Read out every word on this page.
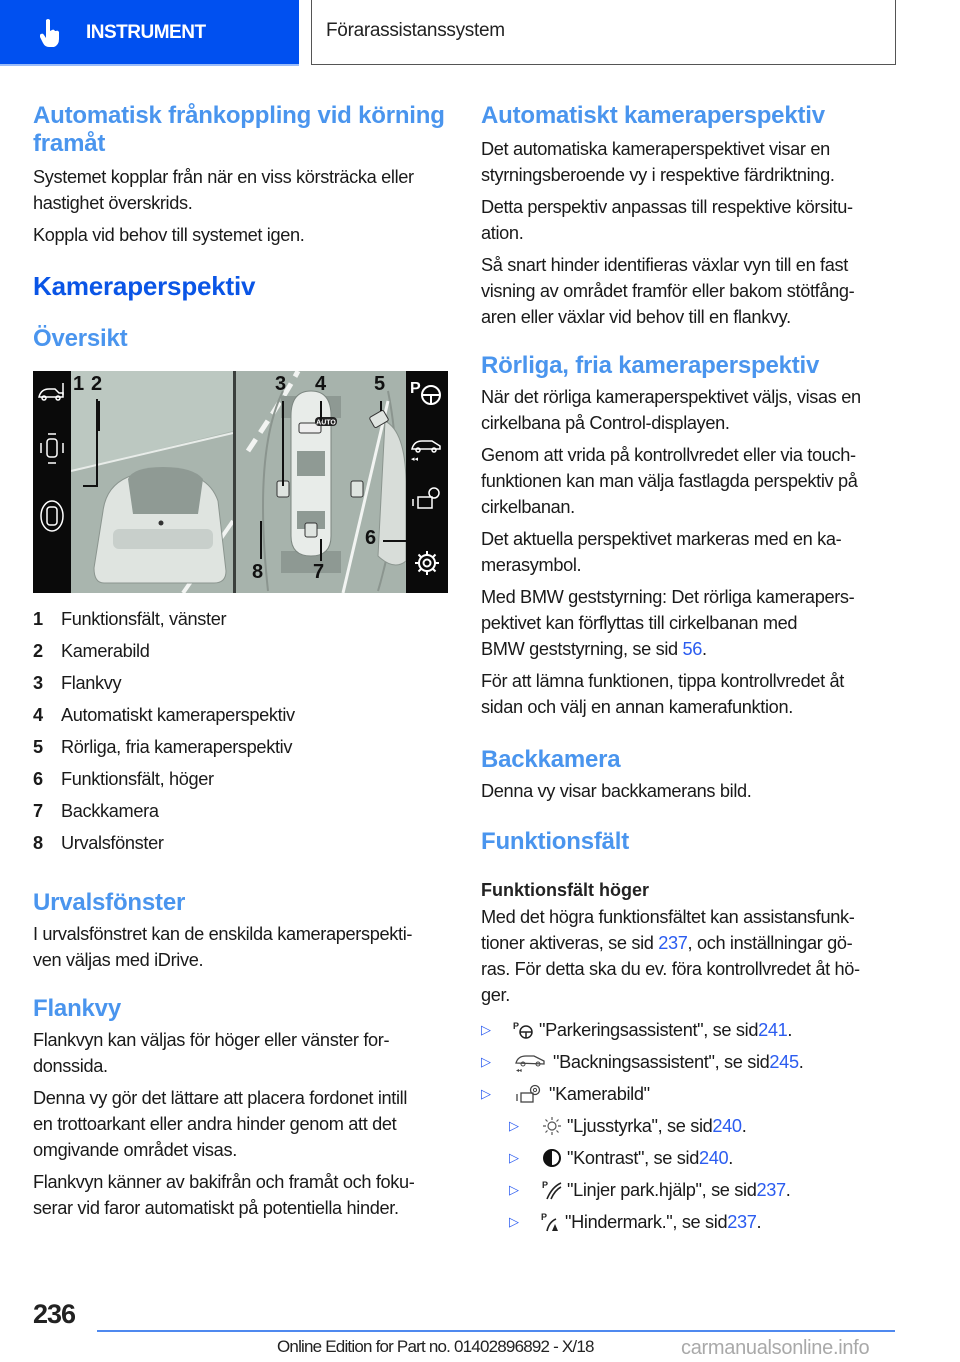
INSTRUMENT	Förarassistanssystem
Automatisk frånkoppling vid körning
framåt

Systemet kopplar från när en viss körsträcka eller
hastighet överskrids.

Koppla vid behov till systemet igen.

Kameraperspektiv
Översikt
AUTO
P
◂◂
1 2	3 4 5
6
7
8
1	Funktionsfält, vänster
2	Kamerabild
3	Flankvy
4	Automatiskt kameraperspektiv
5	Rörliga, fria kameraperspektiv
6	Funktionsfält, höger
7	Backkamera
8	Urvalsfönster
Urvalsfönster

I urvalsfönstret kan de enskilda kameraperspekti-
ven väljas med iDrive.

Flankvy

Flankvyn kan väljas för höger eller vänster for-
donssida.

Denna vy gör det lättare att placera fordonet intill
en trottoarkant eller andra hinder genom att det
omgivande området visas.

Flankvyn känner av bakifrån och framåt och foku-
serar vid faror automatiskt på potentiella hinder.

Automatiskt kameraperspektiv

Det automatiska kameraperspektivet visar en
styrningsberoende vy i respektive färdriktning.

Detta perspektiv anpassas till respektive körsitu-
ation.

Så snart hinder identifieras växlar vyn till en fast
visning av området framför eller bakom stötfång-
aren eller växlar vid behov till en flankvy.

Rörliga, fria kameraperspektiv

När det rörliga kameraperspektivet väljs, visas en
cirkelbana på Control-displayen.

Genom att vrida på kontrollvredet eller via touch-
funktionen kan man välja fastlagda perspektiv på
cirkelbanan.

Det aktuella perspektivet markeras med en ka-
merasymbol.

Med BMW geststyrning: Det rörliga kamerapers-
pektivet kan förflyttas till cirkelbanan med
BMW geststyrning, se sid 56.

För att lämna funktionen, tippa kontrollvredet åt
sidan och välj en annan kamerafunktion.

Backkamera

Denna vy visar backkamerans bild.

Funktionsfält
Funktionsfält höger

Med det högra funktionsfältet kan assistansfunk-
tioner aktiveras, se sid 237, och inställningar gö-
ras. För detta ska du ev. föra kontrollvredet åt hö-
ger.

▷	P "Parkeringsassistent", se sid 241 .
▷
◂◂ "Backningsassistent", se sid 245 .
▷	"Kamerabild"
▷	"Ljusstyrka", se sid 240 .
▷	"Kontrast", se sid 240 .
▷	P "Linjer park.hjälp", se sid 237 .
▷	P "Hindermark.", se sid 237 .
236
Online Edition for Part no. 01402896892 - X/18	carmanualsonline.info
